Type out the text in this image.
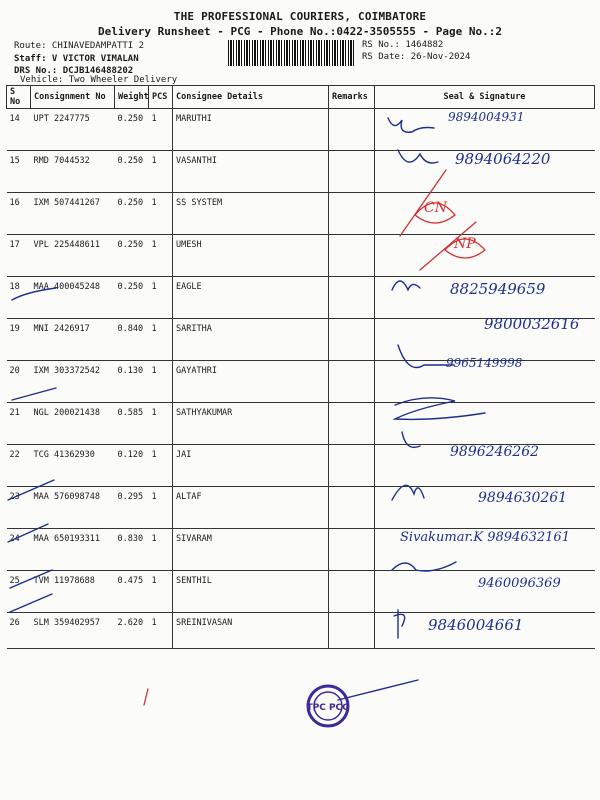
THE PROFESSIONAL COURIERS, COIMBATORE
Delivery Runsheet - PCG - Phone No.:0422-3505555 - Page No.:2
Route: CHINAVEDAMPATTI 2
Staff: V VICTOR VIMALAN
DRS No.: DCJB146488202
Vehicle: Two Wheeler Delivery
RS No.: 1464882
RS Date: 26-Nov-2024
S No	Consignment No	Weight	PCS	Consignee Details	Remarks	Seal & Signature
14	UPT 2247775	0.250	1	MARUTHI		
15	RMD 7044532	0.250	1	VASANTHI		
16	IXM 507441267	0.250	1	SS SYSTEM		
17	VPL 225448611	0.250	1	UMESH		
18	MAA 400045248	0.250	1	EAGLE		
19	MNI 2426917	0.840	1	SARITHA		
20	IXM 303372542	0.130	1	GAYATHRI		
21	NGL 200021438	0.585	1	SATHYAKUMAR		
22	TCG 41362930	0.120	1	JAI		
23	MAA 576098748	0.295	1	ALTAF		
24	MAA 650193311	0.830	1	SIVARAM		
25	TVM 11978688	0.475	1	SENTHIL		
26	SLM 359402957	2.620	1	SREINIVASAN		
TPC PCG
9894004931
9894064220
CN
NP
8825949659
9800032616
9965149998
9896246262
9894630261
Sivakumar.K 9894632161
9460096369
9846004661
